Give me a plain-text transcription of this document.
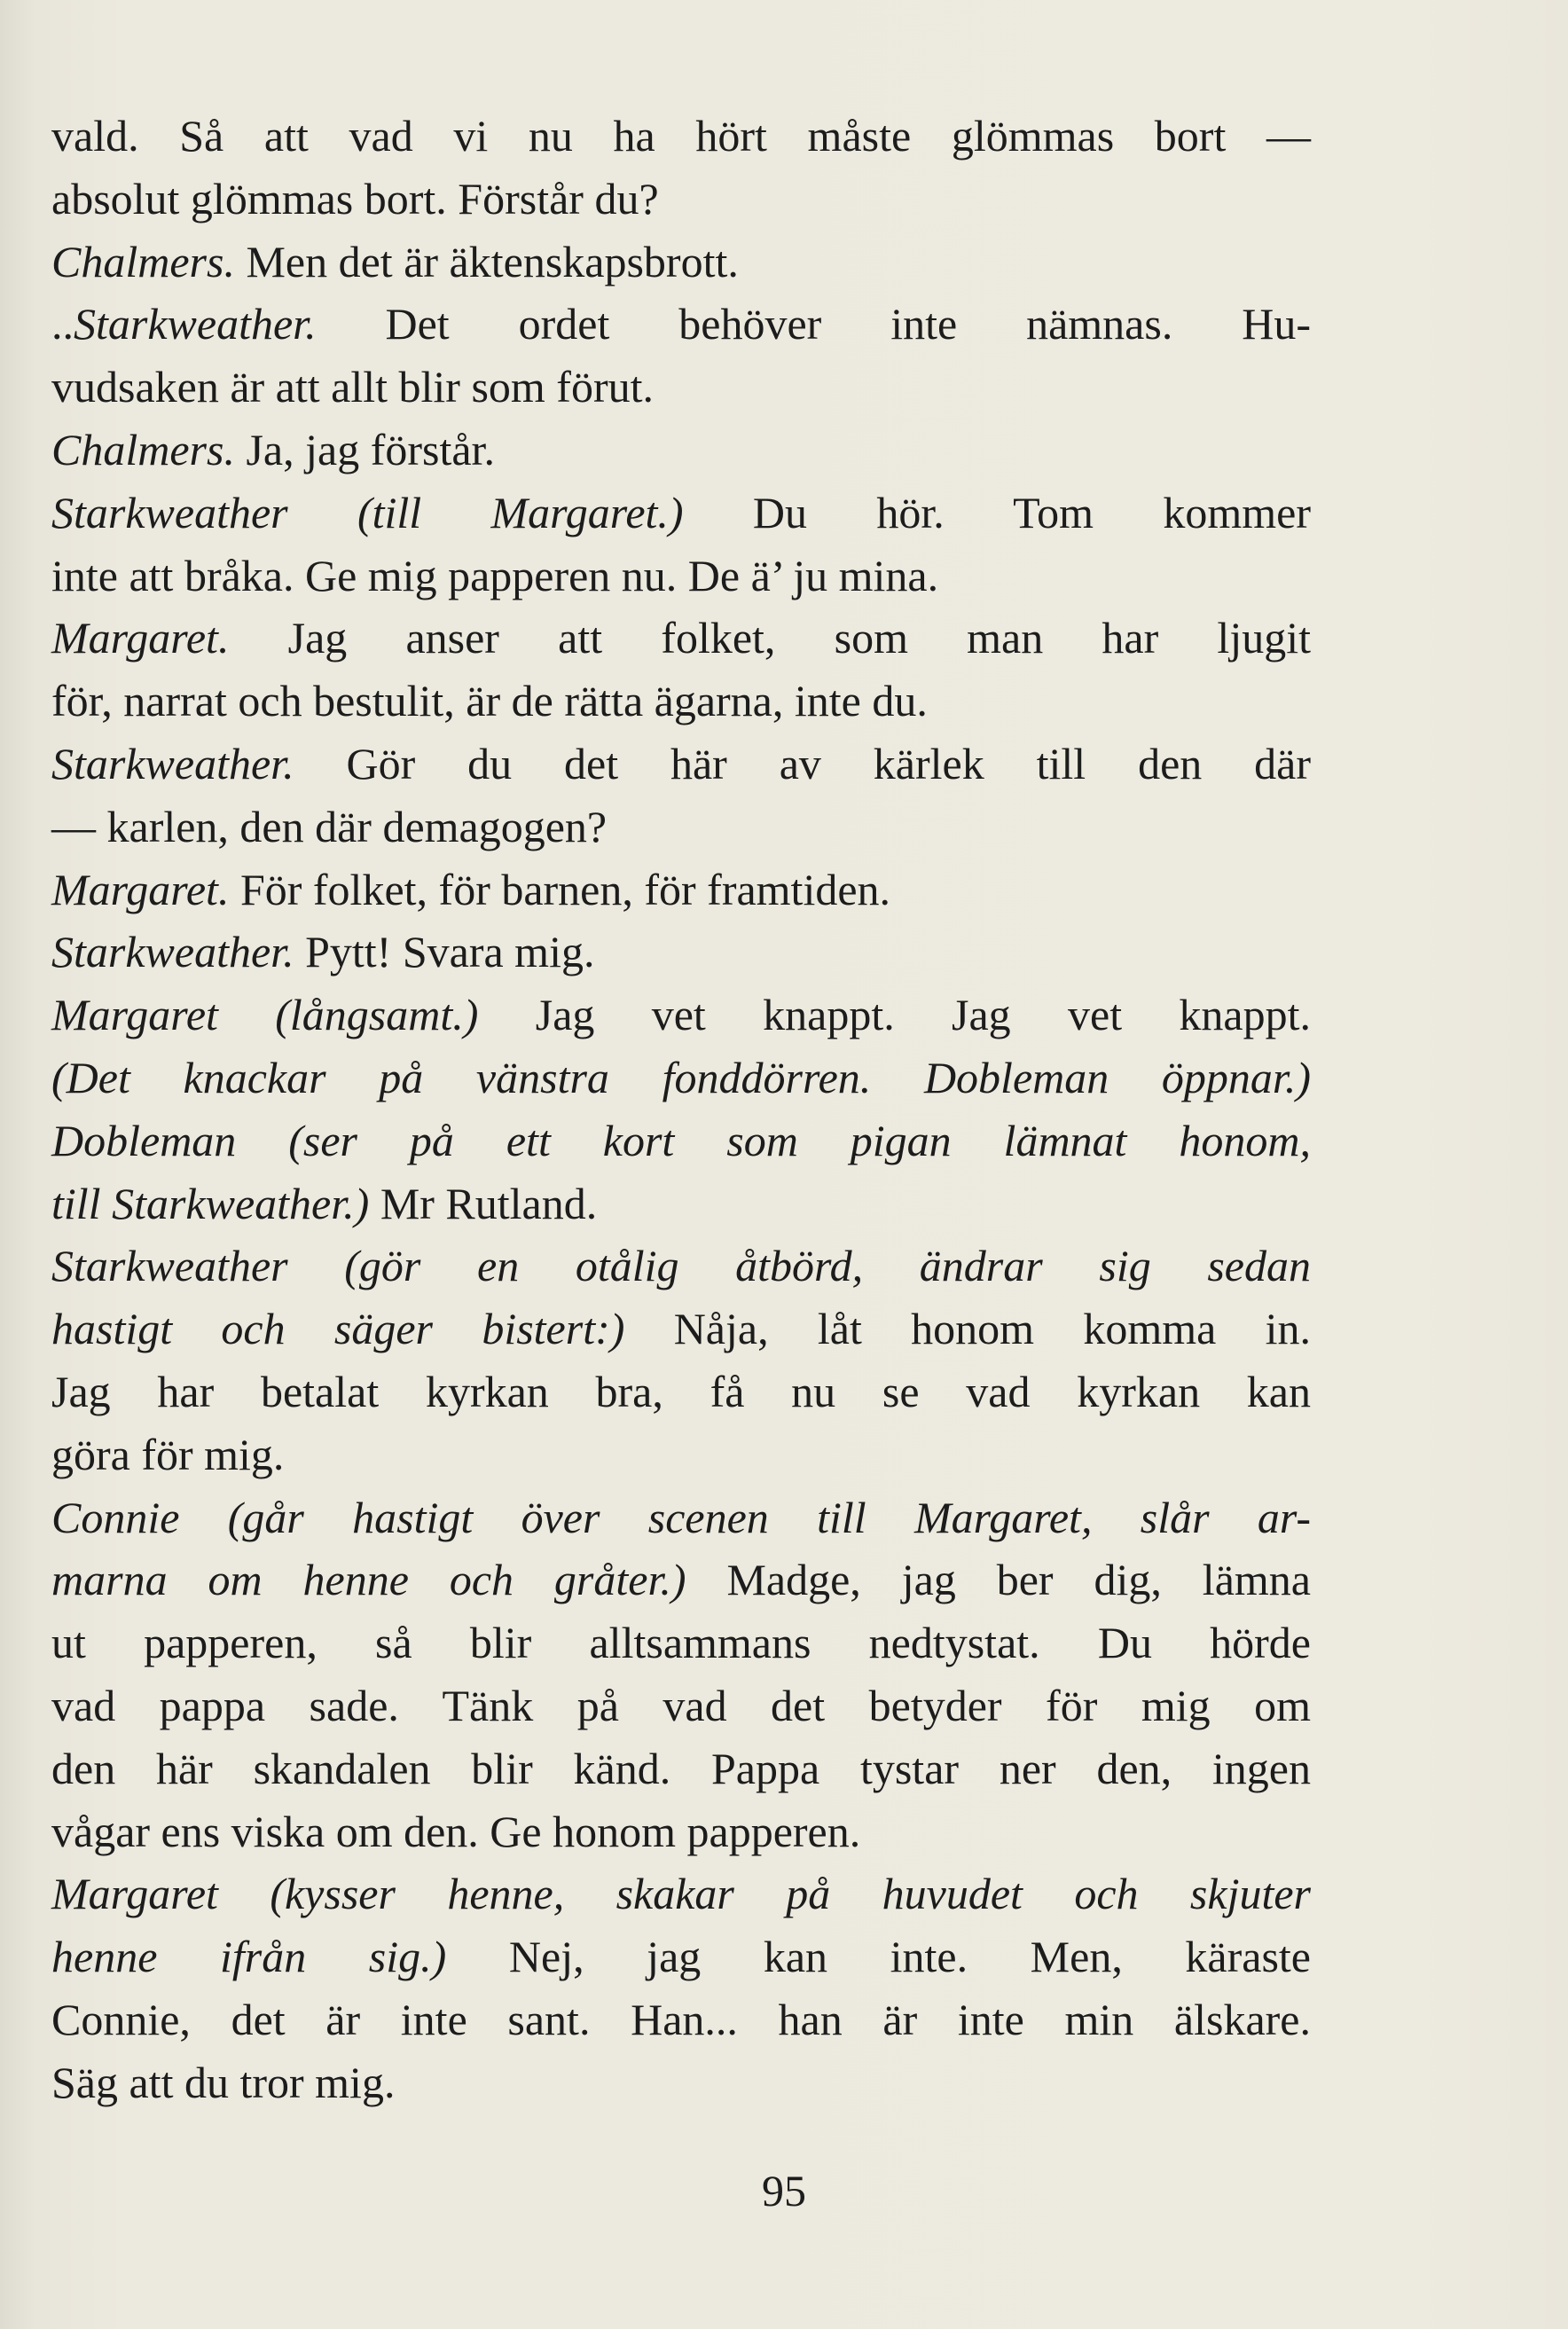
vald. Så att vad vi nu ha hört måste glömmas bort —
absolut glömmas bort. Förstår du?
Chalmers. Men det är äktenskapsbrott.
..Starkweather. Det ordet behöver inte nämnas. Hu-
vudsaken är att allt blir som förut.
Chalmers. Ja, jag förstår.
Starkweather (till Margaret.) Du hör. Tom kommer
inte att bråka. Ge mig papperen nu. De ä’ ju mina.
Margaret. Jag anser att folket, som man har ljugit
för, narrat och bestulit, är de rätta ägarna, inte du.
Starkweather. Gör du det här av kärlek till den där
— karlen, den där demagogen?
Margaret. För folket, för barnen, för framtiden.
Starkweather. Pytt! Svara mig.
Margaret (långsamt.) Jag vet knappt. Jag vet knappt.
(Det knackar på vänstra fonddörren. Dobleman öppnar.)
Dobleman (ser på ett kort som pigan lämnat honom,
till Starkweather.) Mr Rutland.
Starkweather (gör en otålig åtbörd, ändrar sig sedan
hastigt och säger bistert:) Nåja, låt honom komma in.
Jag har betalat kyrkan bra, få nu se vad kyrkan kan
göra för mig.
Connie (går hastigt över scenen till Margaret, slår ar-
marna om henne och gråter.) Madge, jag ber dig, lämna
ut papperen, så blir alltsammans nedtystat. Du hörde
vad pappa sade. Tänk på vad det betyder för mig om
den här skandalen blir känd. Pappa tystar ner den, ingen
vågar ens viska om den. Ge honom papperen.
Margaret (kysser henne, skakar på huvudet och skjuter
henne ifrån sig.) Nej, jag kan inte. Men, käraste
Connie, det är inte sant. Han... han är inte min älskare.
Säg att du tror mig.
95
